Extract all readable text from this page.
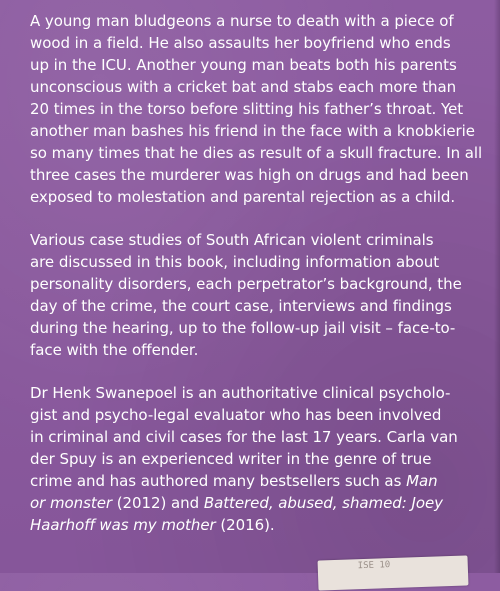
A young man bludgeons a nurse to death with a piece of
wood in a field. He also assaults her boyfriend who ends
up in the ICU. Another young man beats both his parents
unconscious with a cricket bat and stabs each more than
20 times in the torso before slitting his father’s throat. Yet
another man bashes his friend in the face with a knobkierie
so many times that he dies as result of a skull fracture. In all
three cases the murderer was high on drugs and had been
exposed to molestation and parental rejection as a child.

Various case studies of South African violent criminals
are discussed in this book, including information about
personality disorders, each perpetrator’s background, the
day of the crime, the court case, interviews and findings
during the hearing, up to the follow-up jail visit – face-to-
face with the offender.

Dr Henk Swanepoel is an authoritative clinical psycholo-
gist and psycho-legal evaluator who has been involved
in criminal and civil cases for the last 17 years. Carla van
der Spuy is an experienced writer in the genre of true
crime and has authored many bestsellers such as Man
or monster (2012) and Battered, abused, shamed: Joey
Haarhoff was my mother (2016).

ISE 10
